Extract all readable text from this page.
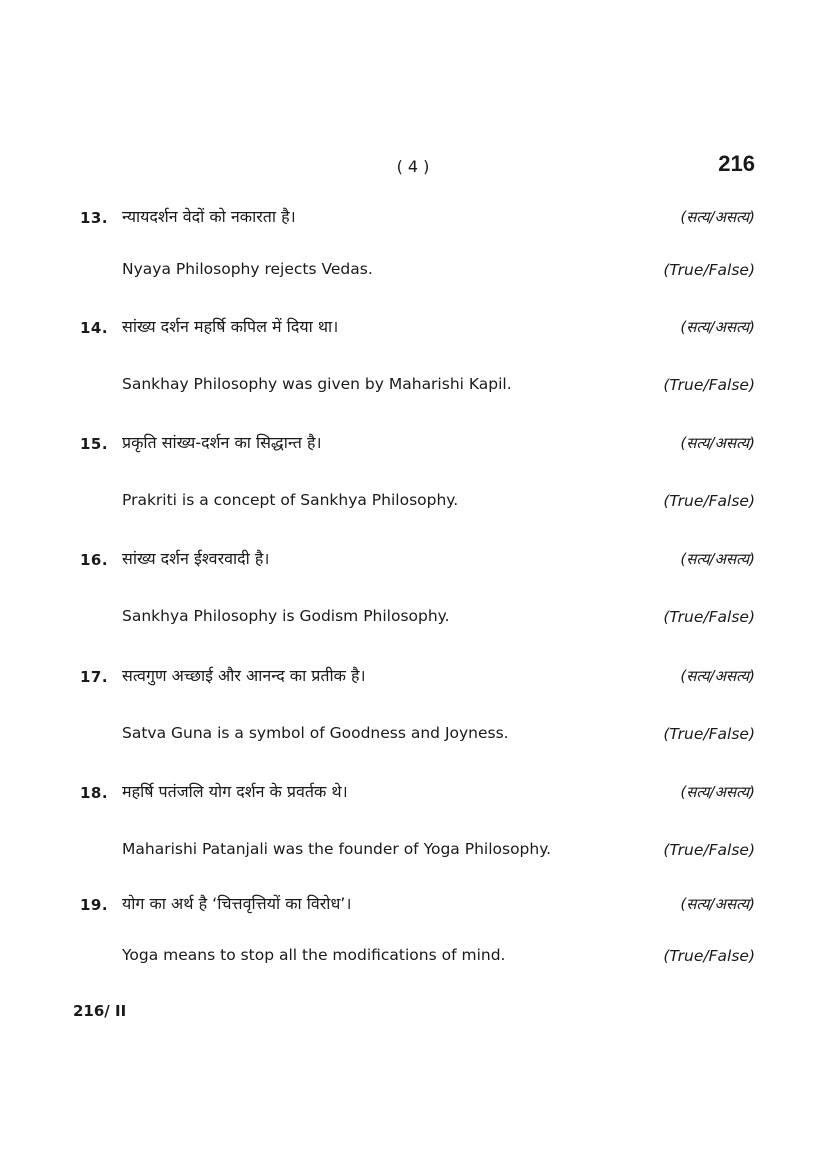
( 4 )	216
13. न्यायदर्शन वेदों को नकारता है।	(सत्य/असत्य)
Nyaya Philosophy rejects Vedas.	(True/False)
14. सांख्य दर्शन महर्षि कपिल में दिया था।	(सत्य/असत्य)
Sankhay Philosophy was given by Maharishi Kapil.	(True/False)
15. प्रकृति सांख्य-दर्शन का सिद्धान्त है।	(सत्य/असत्य)
Prakriti is a concept of Sankhya Philosophy.	(True/False)
16. सांख्य दर्शन ईश्वरवादी है।	(सत्य/असत्य)
Sankhya Philosophy is Godism Philosophy.	(True/False)
17. सत्वगुण अच्छाई और आनन्द का प्रतीक है।	(सत्य/असत्य)
Satva Guna is a symbol of Goodness and Joyness.	(True/False)
18. महर्षि पतंजलि योग दर्शन के प्रवर्तक थे।	(सत्य/असत्य)
Maharishi Patanjali was the founder of Yoga Philosophy.	(True/False)
19. योग का अर्थ है ‘चित्तवृत्तियों का विरोध’।	(सत्य/असत्य)
Yoga means to stop all the modifications of mind.	(True/False)
216/ II
